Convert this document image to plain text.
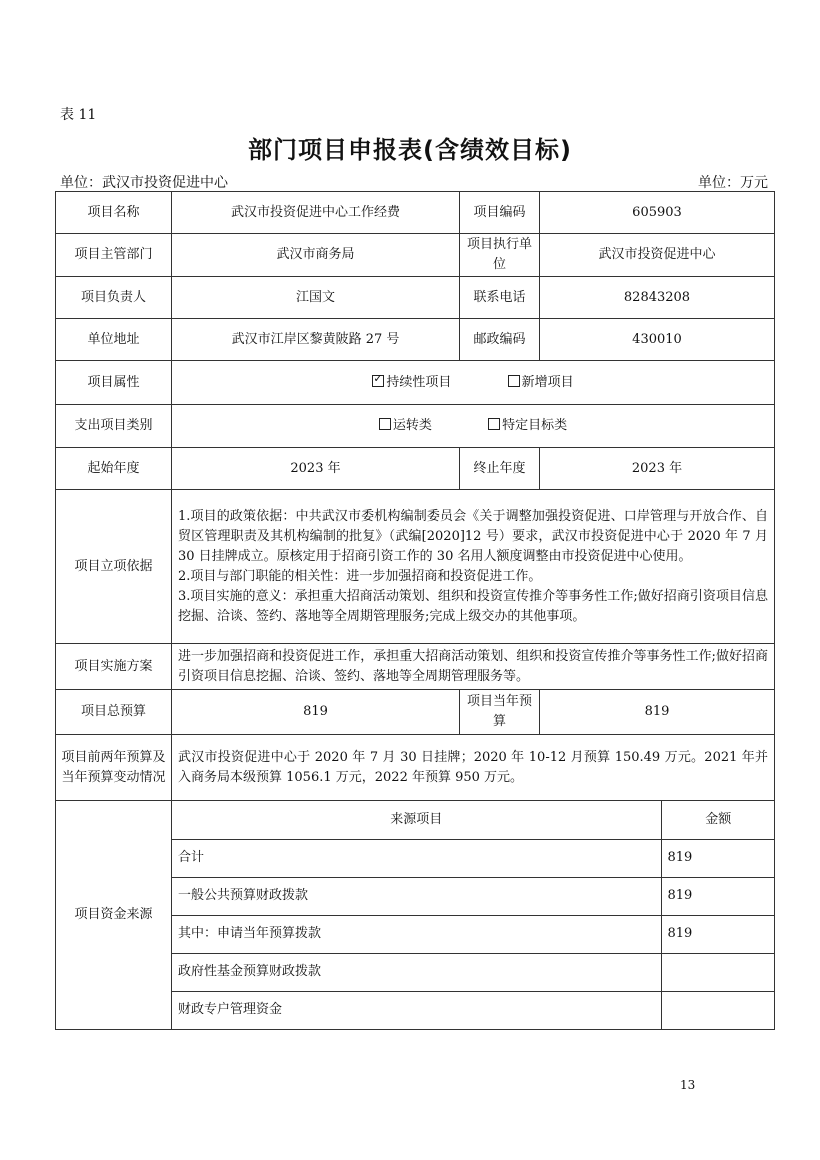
表 11
部门项目申报表(含绩效目标)
单位：武汉市投资促进中心	单位：万元
项目名称	武汉市投资促进中心工作经费	项目编码	605903
项目主管部门	武汉市商务局	项目执行单位	武汉市投资促进中心
项目负责人	江国文	联系电话	82843208
单位地址	武汉市江岸区黎黄陂路 27 号	邮政编码	430010
项目属性	✓持续性项目	新增项目
支出项目类别	运转类	特定目标类
起始年度	2023 年	终止年度	2023 年
项目立项依据	
1.项目的政策依据：中共武汉市委机构编制委员会《关于调整加强投资促进、口岸管理与开放合作、自贸区管理职责及其机构编制的批复》（武编[2020]12 号）要求，武汉市投资促进中心于 2020 年 7 月 30 日挂牌成立。原核定用于招商引资工作的 30 名用人额度调整由市投资促进中心使用。
2.项目与部门职能的相关性：进一步加强招商和投资促进工作。
3.项目实施的意义：承担重大招商活动策划、组织和投资宣传推介等事务性工作;做好招商引资项目信息挖掘、洽谈、签约、落地等全周期管理服务;完成上级交办的其他事项。

项目实施方案	进一步加强招商和投资促进工作，承担重大招商活动策划、组织和投资宣传推介等事务性工作;做好招商引资项目信息挖掘、洽谈、签约、落地等全周期管理服务等。
项目总预算	819	项目当年预算	819
项目前两年预算及当年预算变动情况	武汉市投资促进中心于 2020 年 7 月 30 日挂牌；2020 年 10-12 月预算 150.49 万元。2021 年并入商务局本级预算 1056.1 万元，2022 年预算 950 万元。
项目资金来源	
来源项目	金额
合计	819
一般公共预算财政拨款	819
其中：申请当年预算拨款	819
政府性基金预算财政拨款	
财政专户管理资金	
13
